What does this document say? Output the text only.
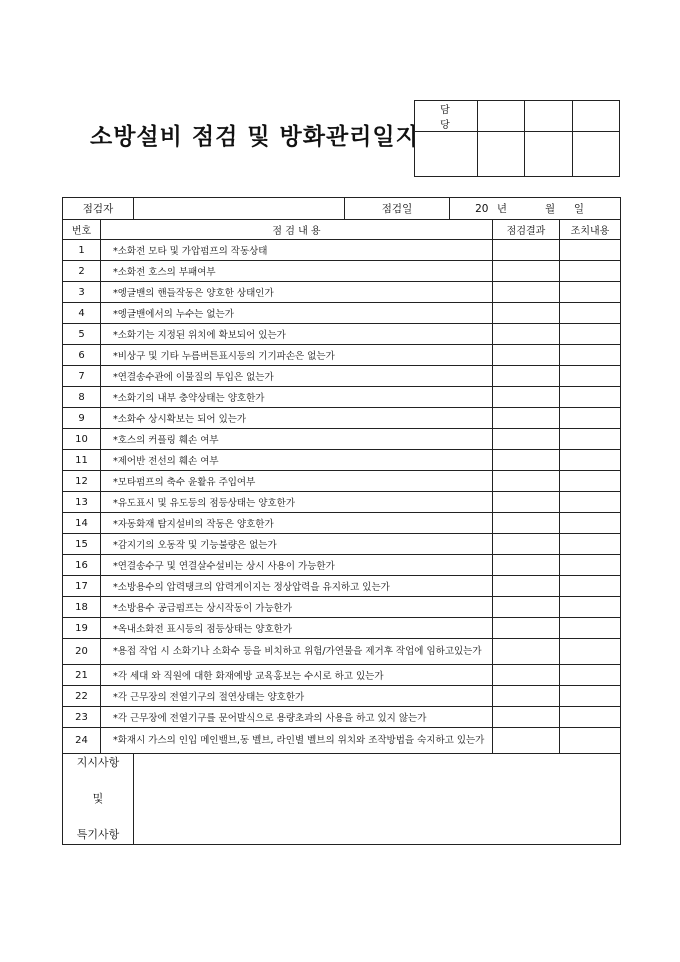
소방설비 점검 및 방화관리일지
담 당			

점검자			점검일	20	년 월	일
번호	점 검 내 용				점검결과	조치내용
1	*소화전 모타 및 가압펌프의 작동상태					
2	*소화전 호스의 부패여부					
3	*엥글밴의 핸들작동은 양호한 상태인가					
4	*엥글밴에서의 누수는 없는가					
5	*소화기는 지정된 위치에 확보되어 있는가					
6	*비상구 및 기타 누름버튼표시등의 기기파손은 없는가					
7	*연결송수관에 이물질의 투입은 없는가					
8	*소화기의 내부 충약상태는 양호한가					
9	*소화수 상시확보는 되어 있는가					
10	*호스의 커플링 훼손 여부					
11	*제어반 전선의 훼손 여부					
12	*모타펌프의 축수 윤활유 주입여부					
13	*유도표시 및 유도등의 점등상태는 양호한가					
14	*자동화재 탐지설비의 작동은 양호한가					
15	*감지기의 오동작 및 기능불량은 없는가					
16	*연결송수구 및 연결살수설비는 상시 사용이 가능한가					
17	*소방용수의 압력탱크의 압력게이지는 정상압력을 유지하고 있는가					
18	*소방용수 공급펌프는 상시작동이 가능한가					
19	*옥내소화전 표시등의 점등상태는 양호한가					
20	*용접 작업 시 소화기나 소화수 등을 비치하고 위험/가연물을 제거후 작업에 임하고있는가					
21	*각 세대 와 직원에 대한 화재예방 교육홍보는 수시로 하고 있는가					
22	*각 근무장의 전열기구의 절연상태는 양호한가					
23	*각 근무장에 전열기구를 문어발식으로 용량초과의 사용을 하고 있지 않는가					
24	*화재시 가스의 인입 메인밸브,동 벨브, 라인별 벨브의 위치와 조작방법을 숙지하고 있는가					

지시사항
및
특기사항						
